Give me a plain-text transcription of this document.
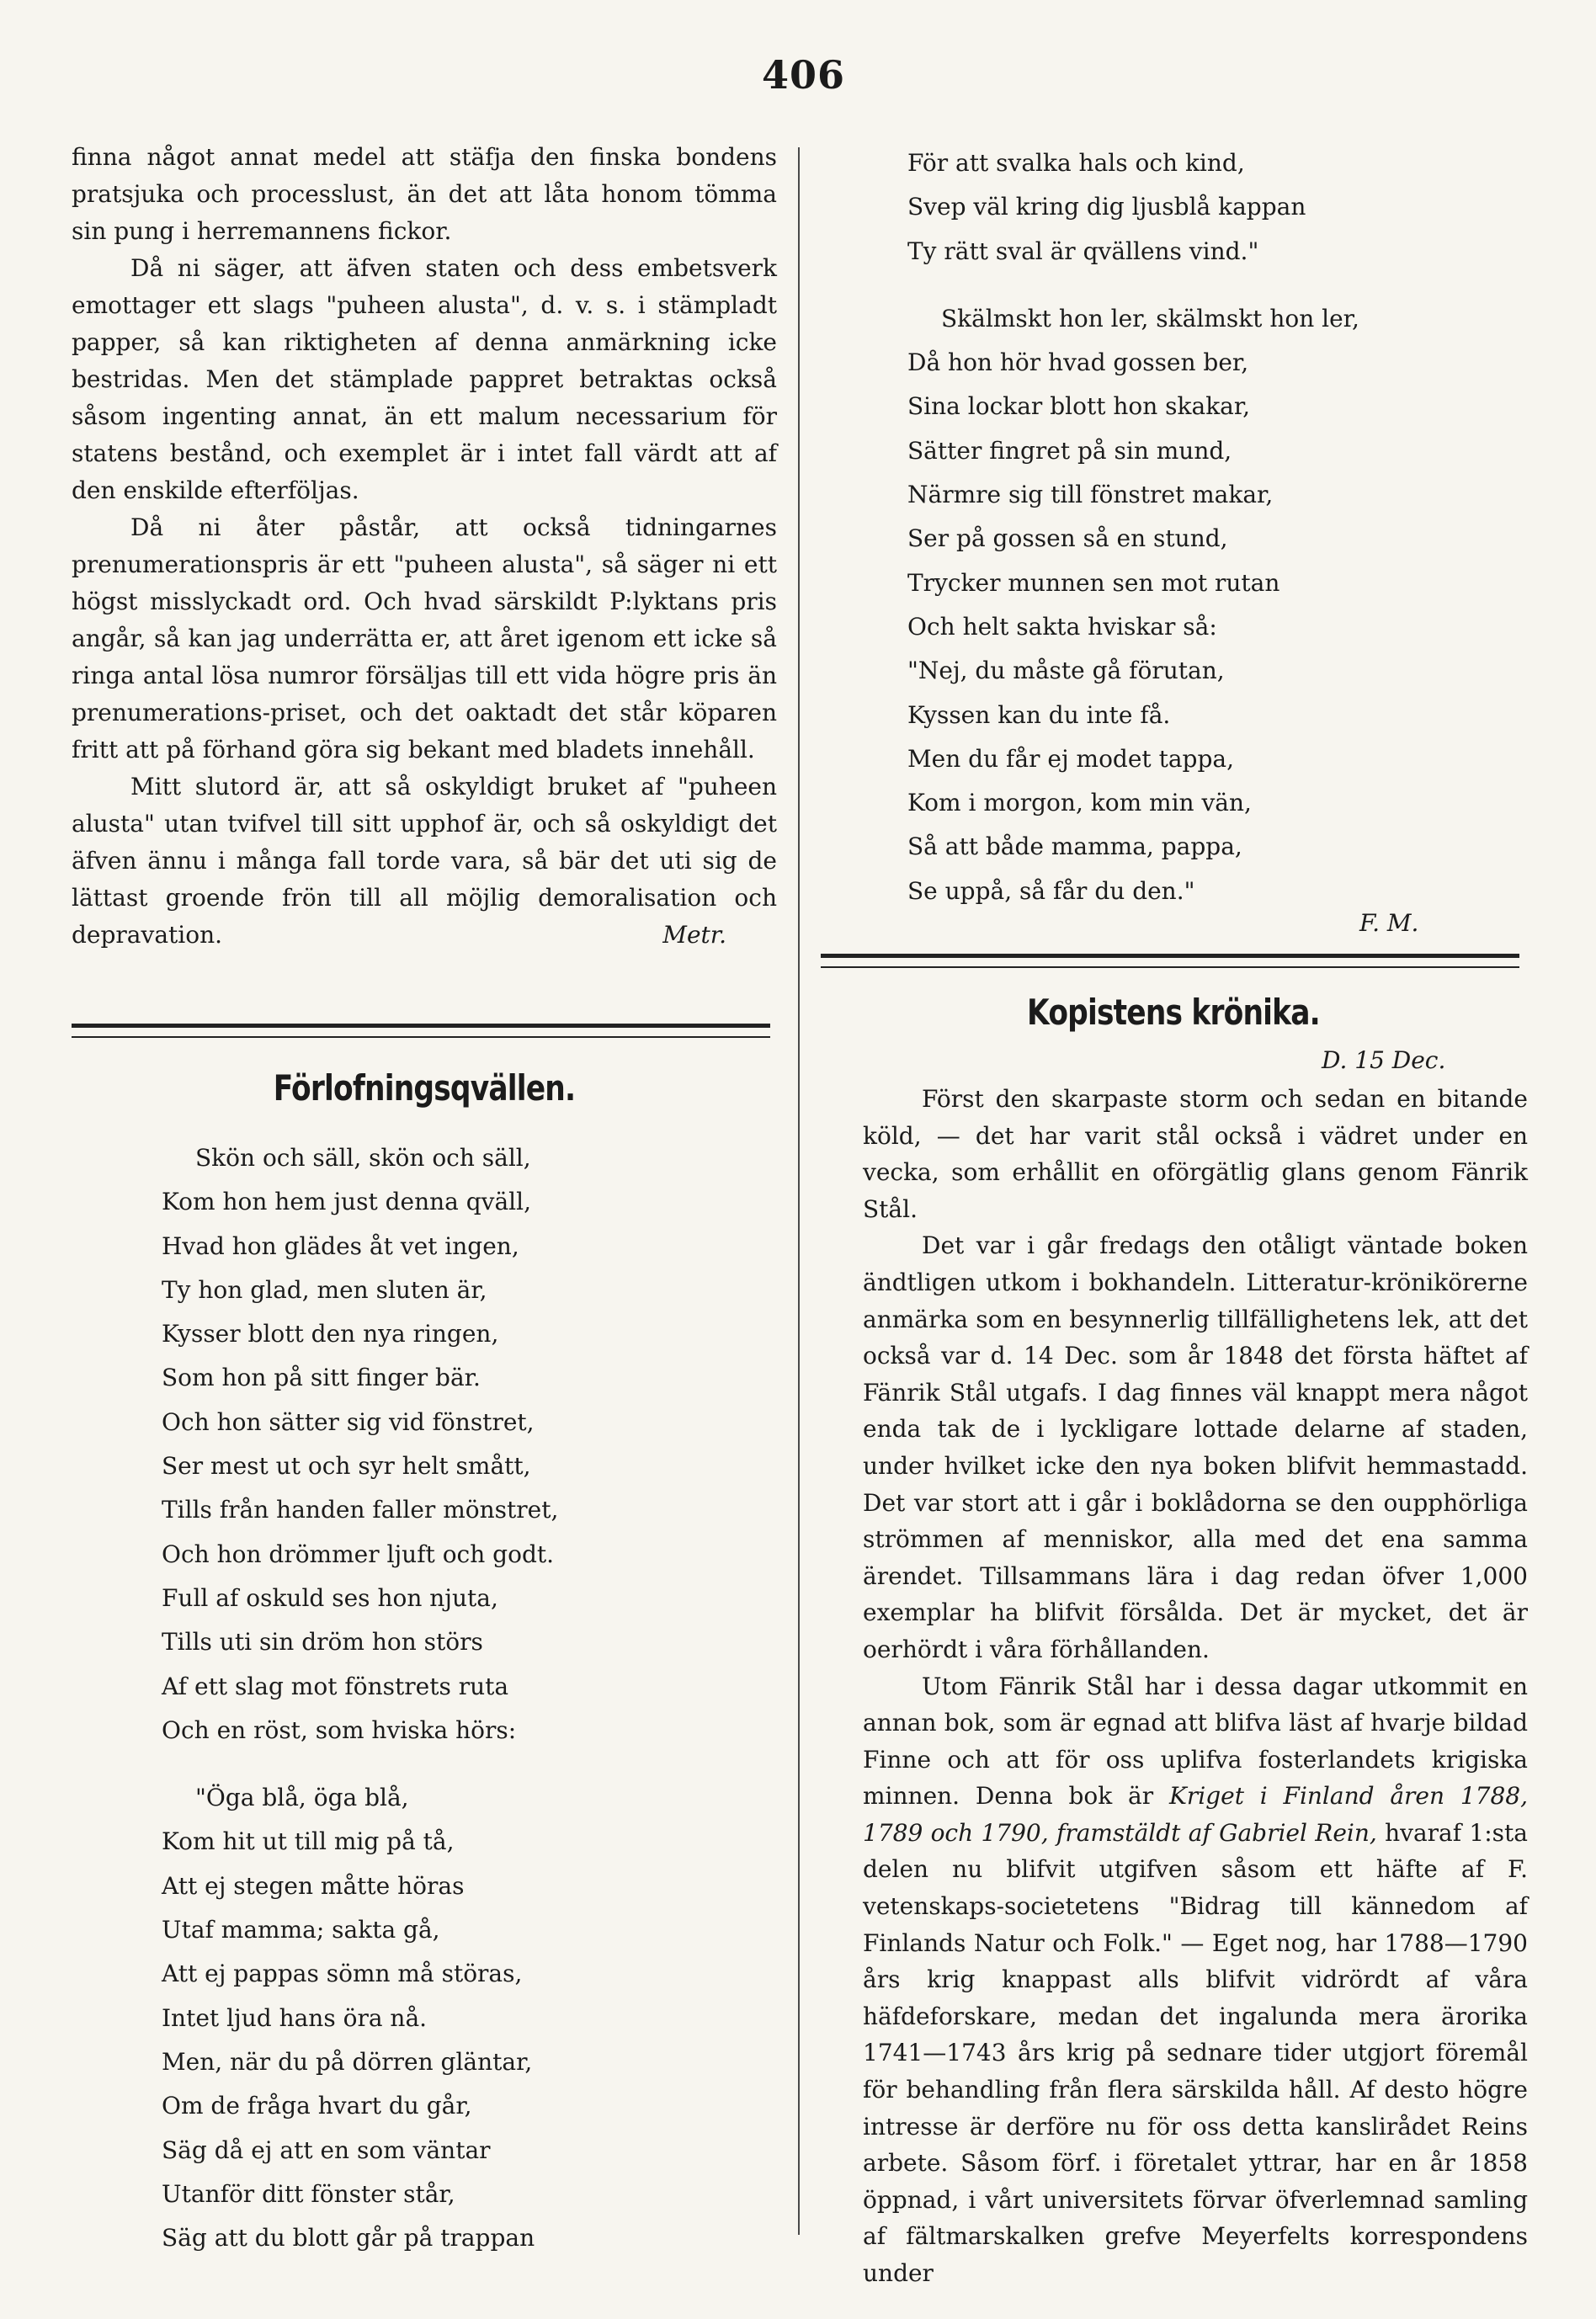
406

finna något annat medel att stäfja den finska bondens pratsjuka och processlust, än det att låta honom tömma sin pung i herremannens fickor.

Då ni säger, att äfven staten och dess embetsverk emottager ett slags "puheen alusta", d. v. s. i stämpladt papper, så kan riktigheten af denna anmärkning icke bestridas. Men det stämplade pappret betraktas också såsom ingenting annat, än ett malum necessarium för statens bestånd, och exemplet är i intet fall värdt att af den enskilde efterföljas.

Då ni åter påstår, att också tidningarnes prenumerationspris är ett "puheen alusta", så säger ni ett högst misslyckadt ord. Och hvad särskildt P:lyktans pris angår, så kan jag underrätta er, att året igenom ett icke så ringa antal lösa numror försäljas till ett vida högre pris än prenumerations-priset, och det oaktadt det står köparen fritt att på förhand göra sig bekant med bladets innehåll.

Mitt slutord är, att så oskyldigt bruket af "puheen alusta" utan tvifvel till sitt upphof är, och så oskyldigt det äfven ännu i många fall torde vara, så bär det uti sig de lättast groende frön till all möjlig demoralisation och depravation.	Metr.

Förlofningsqvällen.
Skön och säll, skön och säll,
Kom hon hem just denna qväll,
Hvad hon glädes åt vet ingen,
Ty hon glad, men sluten är,
Kysser blott den nya ringen,
Som hon på sitt finger bär.
Och hon sätter sig vid fönstret,
Ser mest ut och syr helt smått,
Tills från handen faller mönstret,
Och hon drömmer ljuft och godt.
Full af oskuld ses hon njuta,
Tills uti sin dröm hon störs
Af ett slag mot fönstrets ruta
Och en röst, som hviska hörs:
"Öga blå, öga blå,
Kom hit ut till mig på tå,
Att ej stegen måtte höras
Utaf mamma; sakta gå,
Att ej pappas sömn må störas,
Intet ljud hans öra nå.
Men, när du på dörren gläntar,
Om de fråga hvart du går,
Säg då ej att en som väntar
Utanför ditt fönster står,
Säg att du blott går på trappan
För att svalka hals och kind,
Svep väl kring dig ljusblå kappan
Ty rätt sval är qvällens vind."
Skälmskt hon ler, skälmskt hon ler,
Då hon hör hvad gossen ber,
Sina lockar blott hon skakar,
Sätter fingret på sin mund,
Närmre sig till fönstret makar,
Ser på gossen så en stund,
Trycker munnen sen mot rutan
Och helt sakta hviskar så:
"Nej, du måste gå förutan,
Kyssen kan du inte få.
Men du får ej modet tappa,
Kom i morgon, kom min vän,
Så att både mamma, pappa,
Se uppå, så får du den."
F. M.
Kopistens krönika.
D. 15 Dec.

Först den skarpaste storm och sedan en bitande köld, — det har varit stål också i vädret under en vecka, som erhållit en oförgätlig glans genom Fänrik Stål.

Det var i går fredags den otåligt väntade boken ändtligen utkom i bokhandeln. Litteratur-krönikörerne anmärka som en besynnerlig tillfällighetens lek, att det också var d. 14 Dec. som år 1848 det första häftet af Fänrik Stål utgafs. I dag finnes väl knappt mera något enda tak de i lyckligare lottade delarne af staden, under hvilket icke den nya boken blifvit hemmastadd. Det var stort att i går i boklådorna se den oupphörliga strömmen af menniskor, alla med det ena samma ärendet. Tillsammans lära i dag redan öfver 1,000 exemplar ha blifvit försålda. Det är mycket, det är oerhördt i våra förhållanden.

Utom Fänrik Stål har i dessa dagar utkommit en annan bok, som är egnad att blifva läst af hvarje bildad Finne och att för oss uplifva fosterlandets krigiska minnen. Denna bok är Kriget i Finland åren 1788, 1789 och 1790, framstäldt af Gabriel Rein, hvaraf 1:sta delen nu blifvit utgifven såsom ett häfte af F. vetenskaps-societetens "Bidrag till kännedom af Finlands Natur och Folk." — Eget nog, har 1788—1790 års krig knappast alls blifvit vidrördt af våra häfdeforskare, medan det ingalunda mera ärorika 1741—1743 års krig på sednare tider utgjort föremål för behandling från flera särskilda håll. Af desto högre intresse är derföre nu för oss detta kanslirådet Reins arbete. Såsom förf. i företalet yttrar, har en år 1858 öppnad, i vårt universitets förvar öfverlemnad samling af fältmarskalken grefve Meyerfelts korrespondens under
